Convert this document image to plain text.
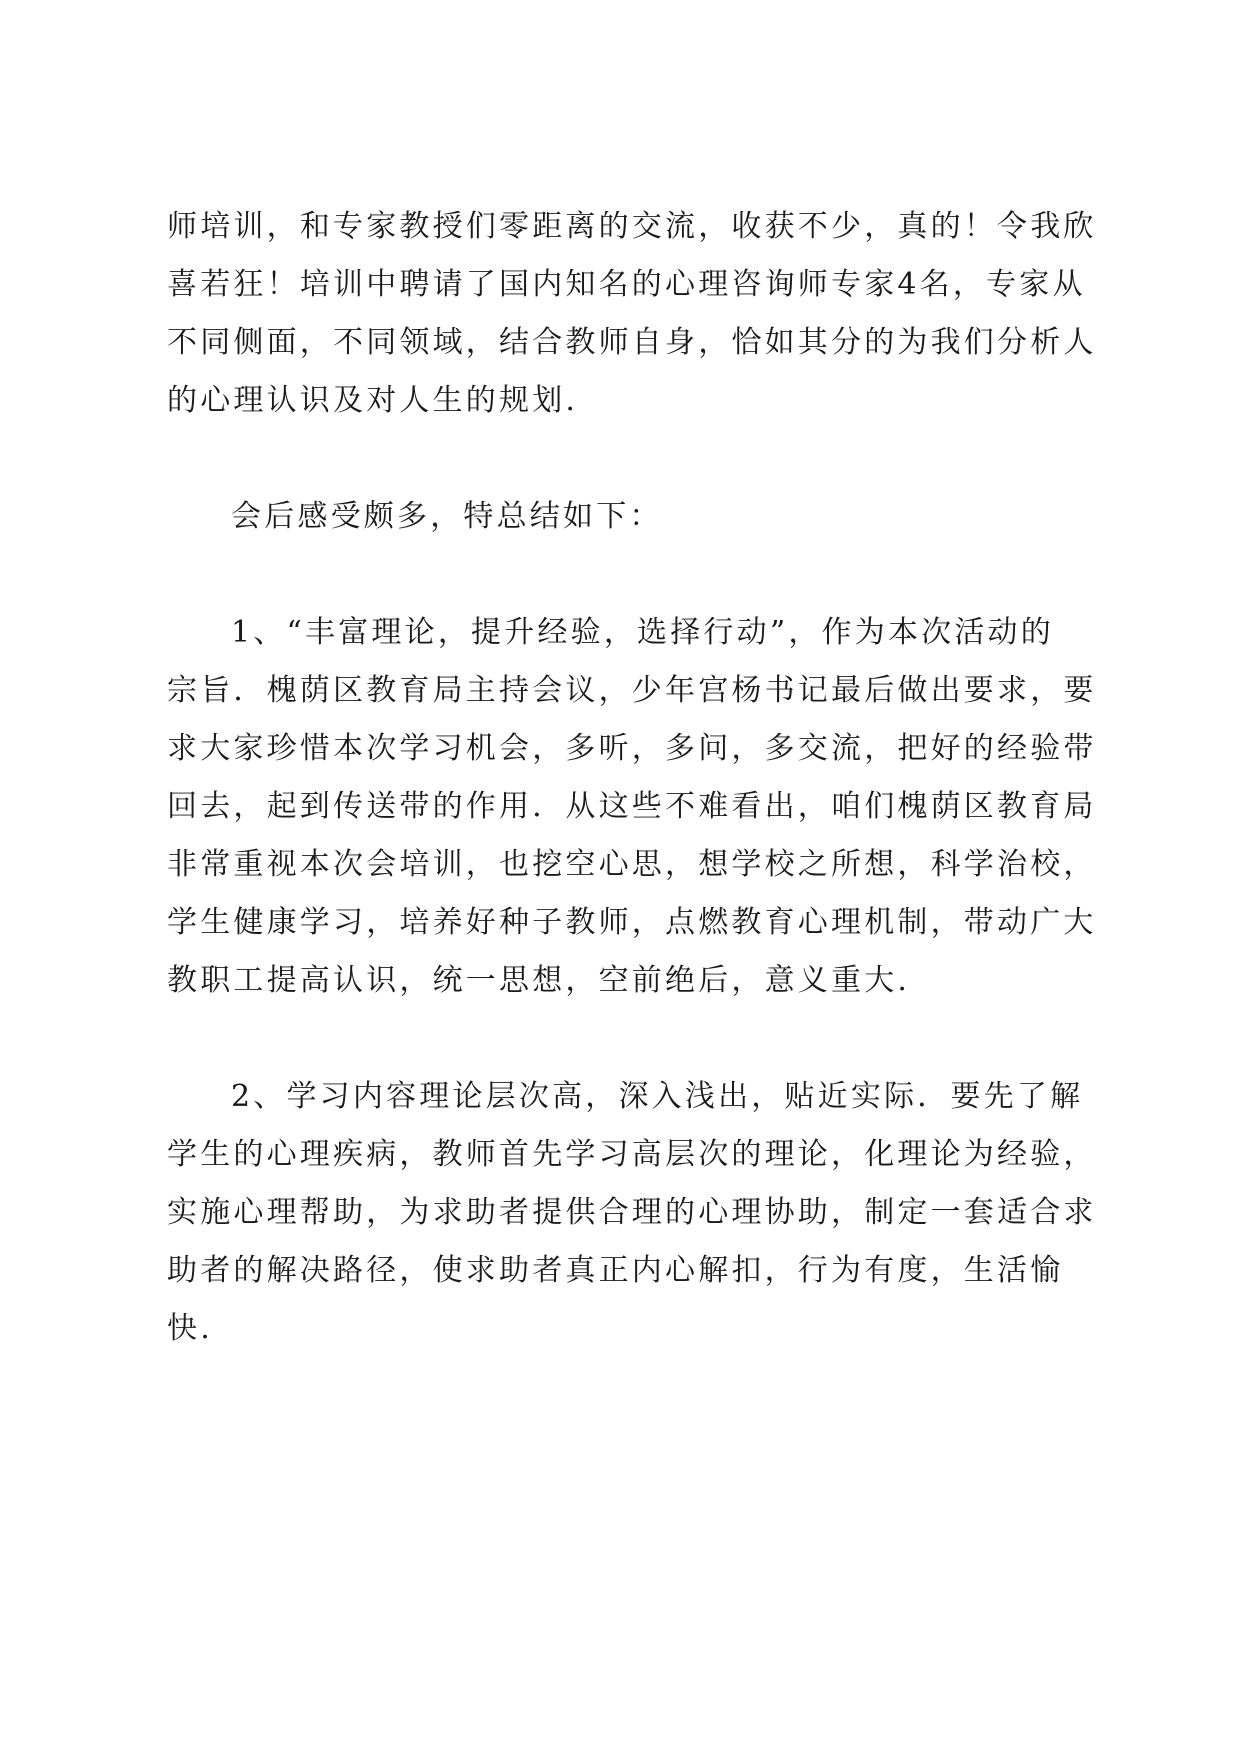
师培训，和专家教授们零距离的交流，收获不少，真的！令我欣
喜若狂！培训中聘请了国内知名的心理咨询师专家4名，专家从
不同侧面，不同领域，结合教师自身，恰如其分的为我们分析人
的心理认识及对人生的规划.
会后感受颇多，特总结如下：
1、“丰富理论，提升经验，选择行动”，作为本次活动的
宗旨．槐荫区教育局主持会议，少年宫杨书记最后做出要求，要
求大家珍惜本次学习机会，多听，多问，多交流，把好的经验带
回去，起到传送带的作用．从这些不难看出，咱们槐荫区教育局
非常重视本次会培训，也挖空心思，想学校之所想，科学治校，
学生健康学习，培养好种子教师，点燃教育心理机制，带动广大
教职工提高认识，统一思想，空前绝后，意义重大.
2、学习内容理论层次高，深入浅出，贴近实际．要先了解
学生的心理疾病，教师首先学习高层次的理论，化理论为经验，
实施心理帮助，为求助者提供合理的心理协助，制定一套适合求
助者的解决路径，使求助者真正内心解扣，行为有度，生活愉
快.
